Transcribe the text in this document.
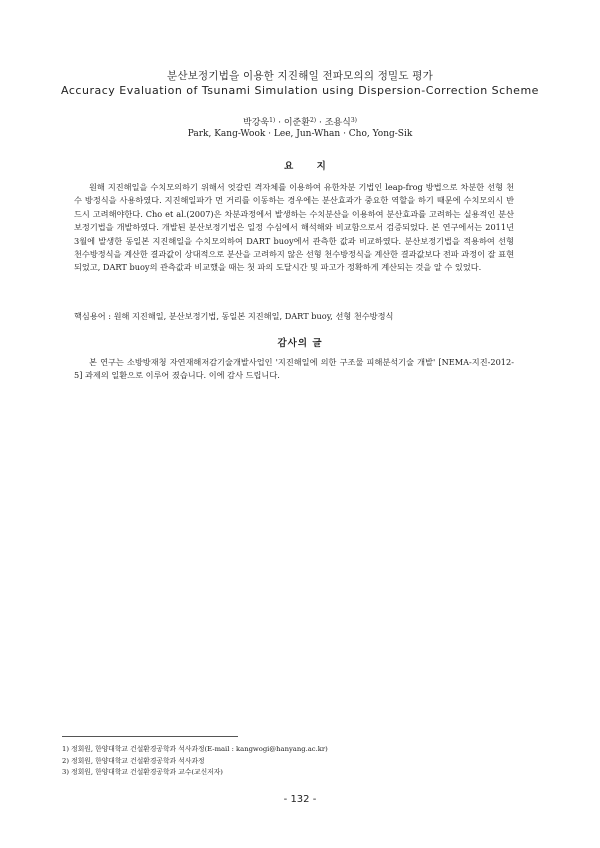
분산보정기법을 이용한 지진해일 전파모의의 정밀도 평가
Accuracy Evaluation of Tsunami Simulation using Dispersion-Correction Scheme
박강욱$^{1)}$ · 이준환$^{2)}$ · 조용식$^{3)}$
Park, Kang-Wook · Lee, Jun-Whan · Cho, Yong-Sik
요 지

원해 지진해일을 수치모의하기 위해서 엇갈린 격자체를 이용하여 유한차분 기법인 leap-frog 방법으로 차분한 선형 천수 방정식을 사용하였다. 지진해일파가 먼 거리를 이동하는 경우에는 분산효과가 중요한 역할을 하기 때문에 수치모의시 반드시 고려해야한다. Cho et al.(2007)은 차분과정에서 발생하는 수치분산을 이용하여 분산효과를 고려하는 실용적인 분산보정기법을 개발하였다. 개발된 분산보정기법은 일정 수심에서 해석해와 비교함으로서 검증되었다. 본 연구에서는 2011년 3월에 발생한 동일본 지진해일을 수치모의하여 DART buoy에서 관측한 값과 비교하였다. 분산보정기법을 적용하여 선형 천수방정식을 계산한 결과값이 상대적으로 분산을 고려하지 않은 선형 천수방정식을 계산한 결과값보다 전파 과정이 잘 표현되었고, DART buoy의 관측값과 비교했을 때는 첫 파의 도달시간 및 파고가 정확하게 계산되는 것을 알 수 있었다.

핵심용어 : 원해 지진해일, 분산보정기법, 동일본 지진해일, DART buoy, 선형 천수방정식
감사의 글

본 연구는 소방방재청 자연재해저감기술개발사업인 '지진해일에 의한 구조물 피해분석기술 개발' [NEMA-지진-2012-5] 과제의 일환으로 이루어 졌습니다. 이에 감사 드립니다.

1) 정회원, 한양대학교 건설환경공학과 석사과정(E-mail : kangwogi@hanyang.ac.kr)
2) 정회원, 한양대학교 건설환경공학과 석사과정
3) 정회원, 한양대학교 건설환경공학과 교수(교신저자)
- 132 -
